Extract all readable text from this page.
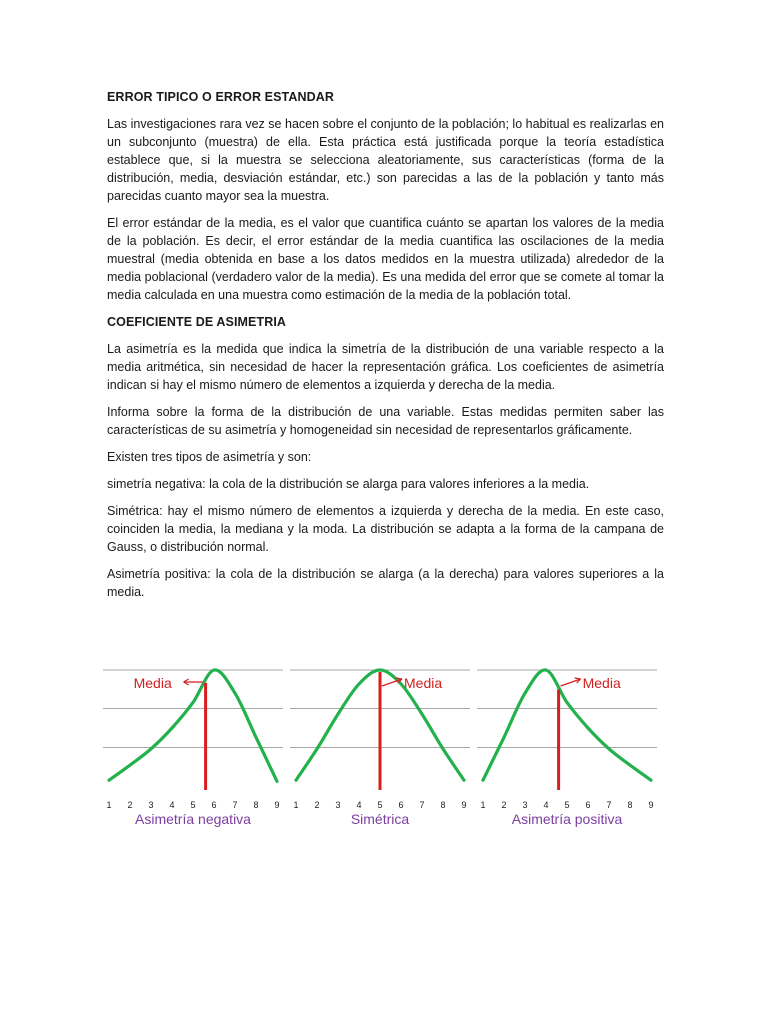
ERROR TIPICO O ERROR ESTANDAR

Las investigaciones rara vez se hacen sobre el conjunto de la población; lo habitual es realizarlas en un subconjunto (muestra) de ella. Esta práctica está justificada porque la teoría estadística establece que, si la muestra se selecciona aleatoriamente, sus características (forma de la distribución, media, desviación estándar, etc.) son parecidas a las de la población y tanto más parecidas cuanto mayor sea la muestra.

El error estándar de la media, es el valor que cuantifica cuánto se apartan los valores de la media de la población. Es decir, el error estándar de la media cuantifica las oscilaciones de la media muestral (media obtenida en base a los datos medidos en la muestra utilizada) alrededor de la media poblacional (verdadero valor de la media). Es una medida del error que se comete al tomar la media calculada en una muestra como estimación de la media de la población total.

COEFICIENTE DE ASIMETRIA

La asimetría es la medida que indica la simetría de la distribución de una variable respecto a la media aritmética, sin necesidad de hacer la representación gráfica. Los coeficientes de asimetría indican si hay el mismo número de elementos a izquierda y derecha de la media.

Informa sobre la forma de la distribución de una variable. Estas medidas permiten saber las características de su asimetría y homogeneidad sin necesidad de representarlos gráficamente.

Existen tres tipos de asimetría y son:

simetría negativa: la cola de la distribución se alarga para valores inferiores a la media.

Simétrica: hay el mismo número de elementos a izquierda y derecha de la media. En este caso, coinciden la media, la mediana y la moda. La distribución se adapta a la forma de la campana de Gauss, o distribución normal.

Asimetría positiva: la cola de la distribución se alarga (a la derecha) para valores superiores a la media.

Media
1 2 3 4 5 6 7 8 9
Asimetría negativa
Media
1 2 3 4 5 6 7 8 9
Simétrica
Media
1 2 3 4 5 6 7 8 9
Asimetría positiva
